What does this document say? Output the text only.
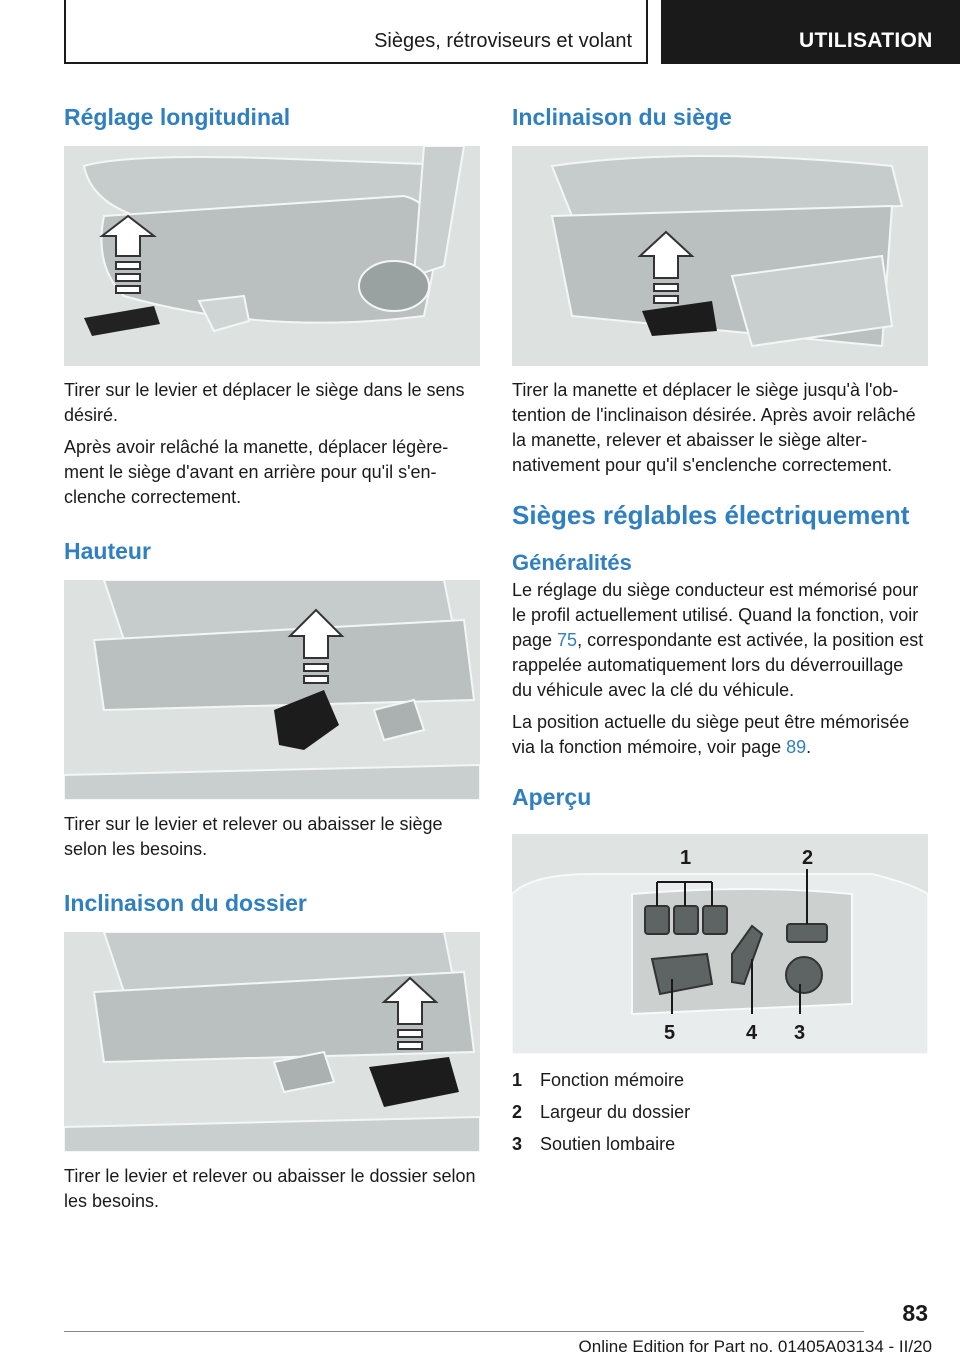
Sièges, rétroviseurs et volant	UTILISATION
Réglage longitudinal

Tirer sur le levier et déplacer le siège dans le sens désiré.

Après avoir relâché la manette, déplacer légèrement le siège d'avant en arrière pour qu'il s'enclenche correctement.

Hauteur

Tirer sur le levier et relever ou abaisser le siège selon les besoins.

Inclinaison du dossier

Tirer le levier et relever ou abaisser le dossier selon les besoins.

Inclinaison du siège

Tirer la manette et déplacer le siège jusqu'à l'obtention de l'inclinaison désirée. Après avoir relâché la manette, relever et abaisser le siège alternativement pour qu'il s'enclenche correctement.

Sièges réglables électriquement
Généralités

Le réglage du siège conducteur est mémorisé pour le profil actuellement utilisé. Quand la fonction, voir page 75, correspondante est activée, la position est rappelée automatiquement lors du déverrouillage du véhicule avec la clé du véhicule.

La position actuelle du siège peut être mémorisée via la fonction mémoire, voir page 89.

Aperçu
1	2
3
4
5
1 Fonction mémoire
2 Largeur du dossier
3 Soutien lombaire
83
Online Edition for Part no. 01405A03134 - II/20
